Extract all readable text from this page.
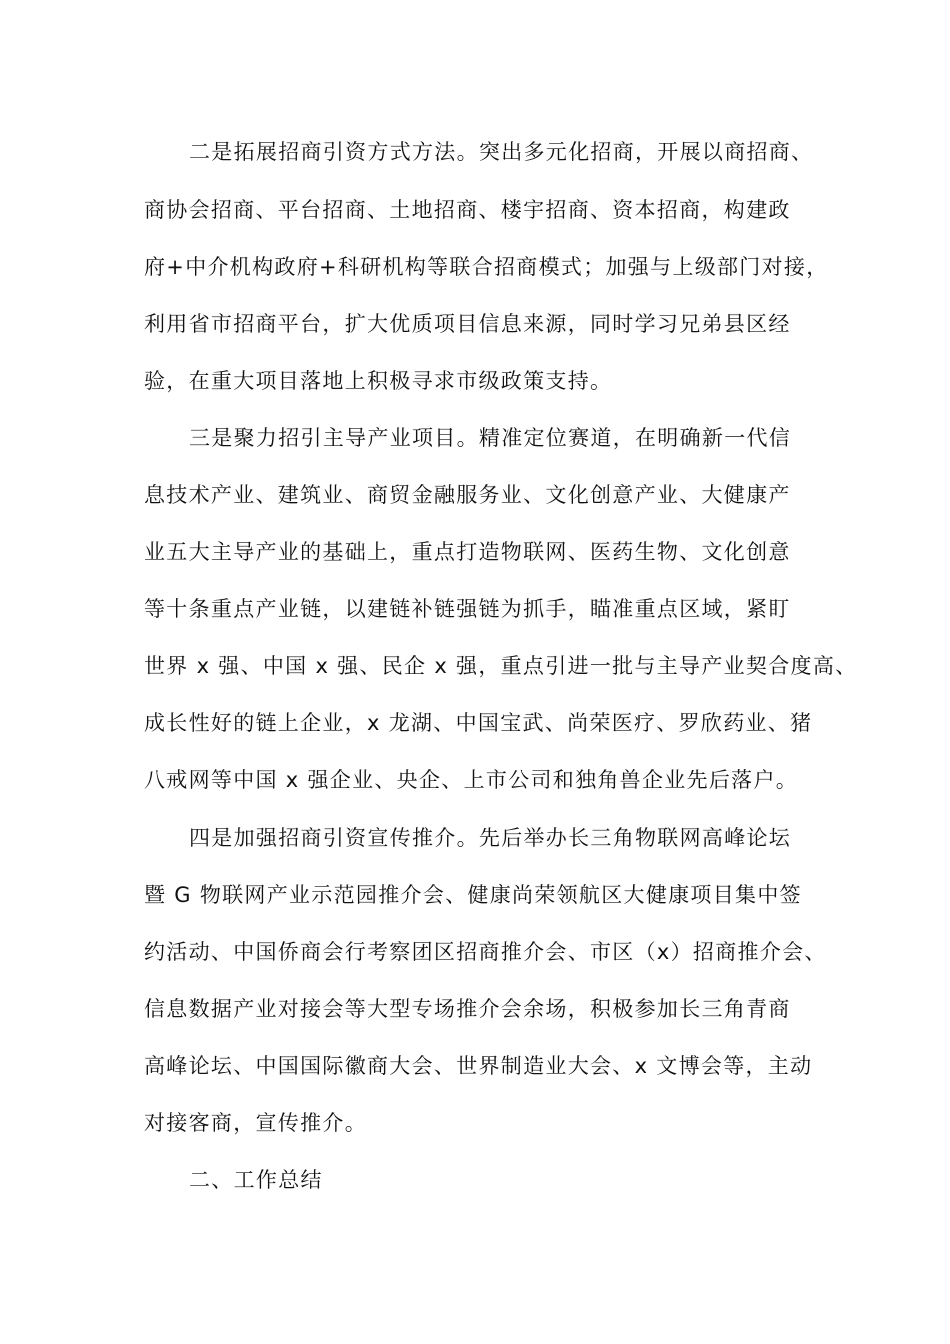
二是拓展招商引资方式方法。突出多元化招商，开展以商招商、
商协会招商、平台招商、土地招商、楼宇招商、资本招商，构建政
府+中介机构政府+科研机构等联合招商模式；加强与上级部门对接，
利用省市招商平台，扩大优质项目信息来源，同时学习兄弟县区经
验，在重大项目落地上积极寻求市级政策支持。
三是聚力招引主导产业项目。精准定位赛道，在明确新一代信
息技术产业、建筑业、商贸金融服务业、文化创意产业、大健康产
业五大主导产业的基础上，重点打造物联网、医药生物、文化创意
等十条重点产业链，以建链补链强链为抓手，瞄准重点区域，紧盯
世界 x 强、中国 x 强、民企 x 强，重点引进一批与主导产业契合度高、
成长性好的链上企业，x 龙湖、中国宝武、尚荣医疗、罗欣药业、猪
八戒网等中国 x 强企业、央企、上市公司和独角兽企业先后落户。
四是加强招商引资宣传推介。先后举办长三角物联网高峰论坛
暨 G 物联网产业示范园推介会、健康尚荣领航区大健康项目集中签
约活动、中国侨商会行考察团区招商推介会、市区（x）招商推介会、
信息数据产业对接会等大型专场推介会余场，积极参加长三角青商
高峰论坛、中国国际徽商大会、世界制造业大会、x 文博会等，主动
对接客商，宣传推介。
二、工作总结
